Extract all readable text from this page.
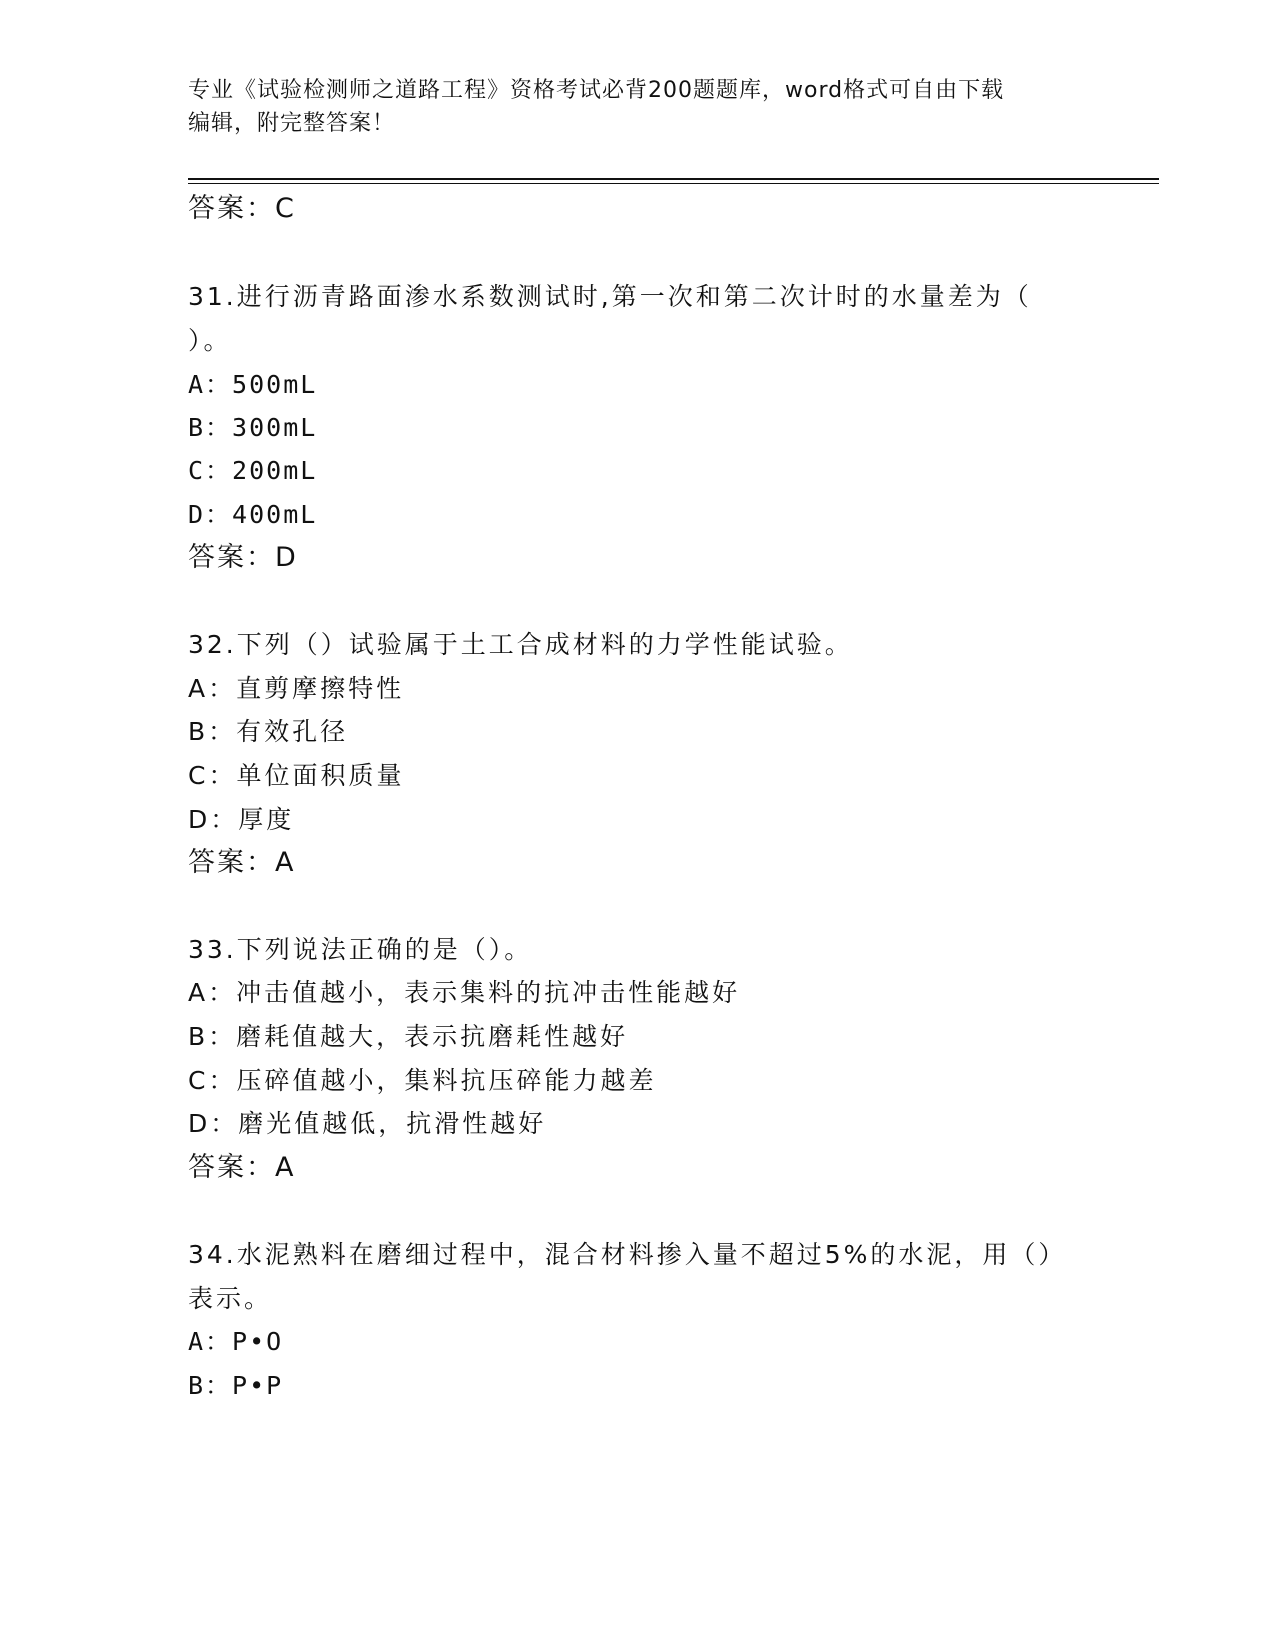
专业《试验检测师之道路工程》资格考试必背200题题库，word格式可自由下载
编辑，附完整答案！
答案：C
31.进行沥青路面渗水系数测试时,第一次和第二次计时的水量差为（
）。
A：500mL
B：300mL
C：200mL
D：400mL
答案：D
32.下列（）试验属于土工合成材料的力学性能试验。
A：直剪摩擦特性
B：有效孔径
C：单位面积质量
D：厚度
答案：A
33.下列说法正确的是（）。
A：冲击值越小，表示集料的抗冲击性能越好
B：磨耗值越大，表示抗磨耗性越好
C：压碎值越小，集料抗压碎能力越差
D：磨光值越低，抗滑性越好
答案：A
34.水泥熟料在磨细过程中，混合材料掺入量不超过5%的水泥，用（）
表示。
A：P•O
B：P•P
